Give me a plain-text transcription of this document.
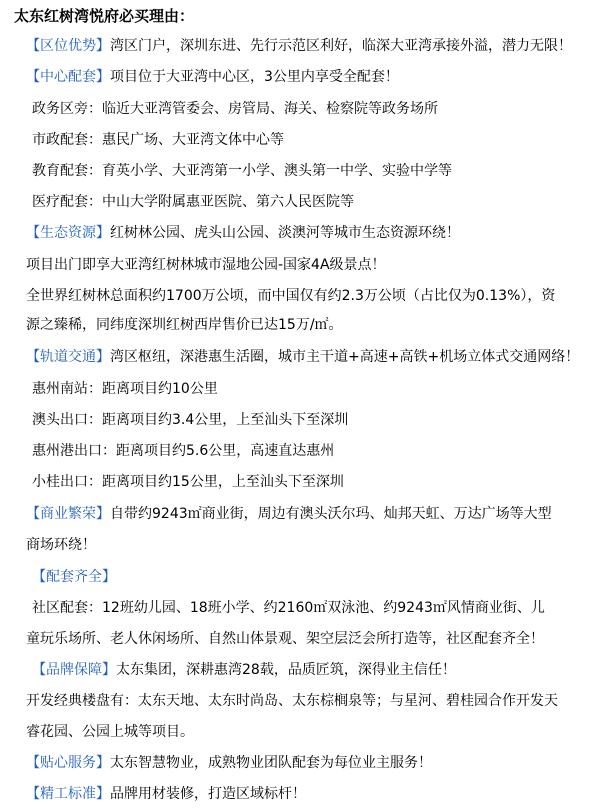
太东红树湾悦府必买理由：
【区位优势】湾区门户，深圳东进、先行示范区利好，临深大亚湾承接外溢，潜力无限！
【中心配套】项目位于大亚湾中心区，3公里内享受全配套！
政务区旁：临近大亚湾管委会、房管局、海关、检察院等政务场所
市政配套：惠民广场、大亚湾文体中心等
教育配套：育英小学、大亚湾第一小学、澳头第一中学、实验中学等
医疗配套：中山大学附属惠亚医院、第六人民医院等
【生态资源】红树林公园、虎头山公园、淡澳河等城市生态资源环绕！
项目出门即享大亚湾红树林城市湿地公园-国家4A级景点！
全世界红树林总面积约1700万公顷，而中国仅有约2.3万公顷（占比仅为0.13%），资
源之臻稀，同纬度深圳红树西岸售价已达15万/㎡。
【轨道交通】湾区枢纽，深港惠生活圈，城市主干道+高速+高铁+机场立体式交通网络！
惠州南站：距离项目约10公里
澳头出口：距离项目约3.4公里，上至汕头下至深圳
惠州港出口：距离项目约5.6公里，高速直达惠州
小桂出口：距离项目约15公里，上至汕头下至深圳
【商业繁荣】自带约9243㎡商业街，周边有澳头沃尔玛、灿邦天虹、万达广场等大型
商场环绕！
【配套齐全】
社区配套：12班幼儿园、18班小学、约2160㎡双泳池、约9243㎡风情商业街、儿
童玩乐场所、老人休闲场所、自然山体景观、架空层泛会所打造等，社区配套齐全！
【品牌保障】太东集团，深耕惠湾28载，品质匠筑，深得业主信任！
开发经典楼盘有：太东天地、太东时尚岛、太东棕榈泉等；与星河、碧桂园合作开发天
睿花园、公园上城等项目。
【贴心服务】太东智慧物业，成熟物业团队配套为每位业主服务！
【精工标准】品牌用材装修，打造区域标杆！
